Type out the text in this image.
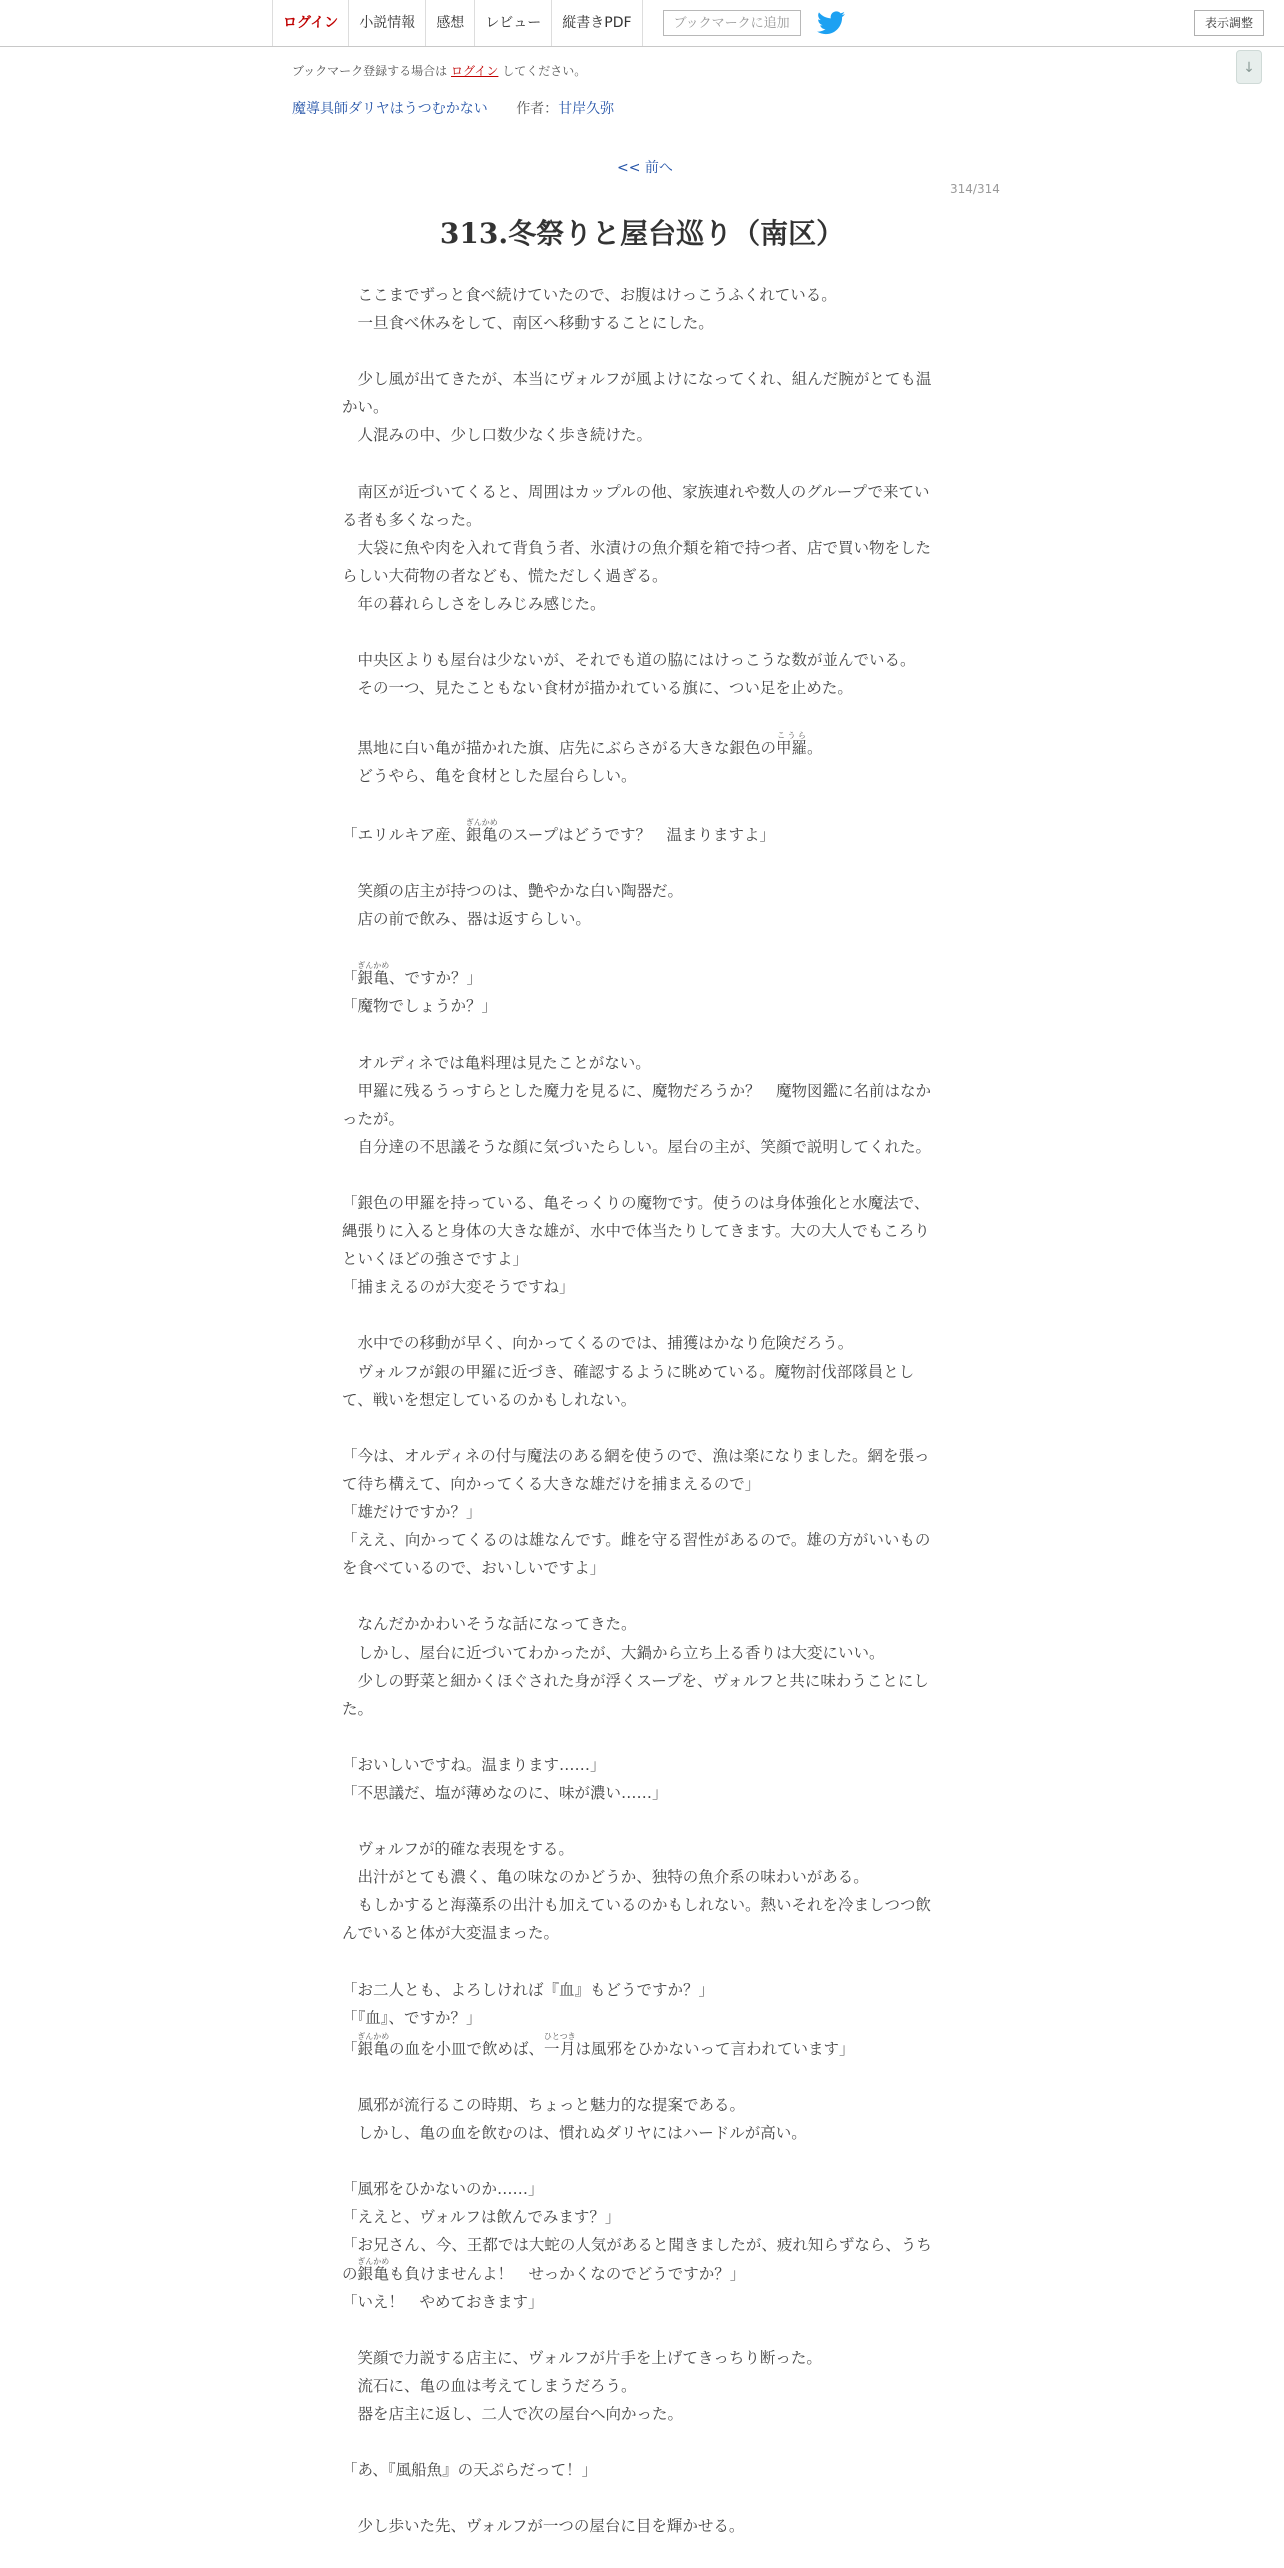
ログイン	小説情報	感想	レビュー	縦書きPDF	ブックマークに追加	表示調整
↓
ブックマーク登録する場合は ログイン してください。
魔導具師ダリヤはうつむかない 作者：甘岸久弥
<< 前へ
314/314
313.冬祭りと屋台巡り（南区）

　ここまでずっと食べ続けていたので、お腹はけっこうふくれている。

　一旦食べ休みをして、南区へ移動することにした。

　少し風が出てきたが、本当にヴォルフが風よけになってくれ、組んだ腕がとても温かい。

　人混みの中、少し口数少なく歩き続けた。

　南区が近づいてくると、周囲はカップルの他、家族連れや数人のグループで来ている者も多くなった。

　大袋に魚や肉を入れて背負う者、氷漬けの魚介類を箱で持つ者、店で買い物をしたらしい大荷物の者なども、慌ただしく過ぎる。

　年の暮れらしさをしみじみ感じた。

　中央区よりも屋台は少ないが、それでも道の脇にはけっこうな数が並んでいる。

　その一つ、見たこともない食材が描かれている旗に、つい足を止めた。

　黒地に白い亀が描かれた旗、店先にぶらさがる大きな銀色の甲羅こうら。

　どうやら、亀を食材とした屋台らしい。

「エリルキア産、銀亀ぎんかめのスープはどうです？　温まりますよ」

　笑顔の店主が持つのは、艶やかな白い陶器だ。

　店の前で飲み、器は返すらしい。

「銀亀ぎんかめ、ですか？」

「魔物でしょうか？」

　オルディネでは亀料理は見たことがない。

　甲羅に残るうっすらとした魔力を見るに、魔物だろうか？　魔物図鑑に名前はなかったが。

　自分達の不思議そうな顔に気づいたらしい。屋台の主が、笑顔で説明してくれた。

「銀色の甲羅を持っている、亀そっくりの魔物です。使うのは身体強化と水魔法で、縄張りに入ると身体の大きな雄が、水中で体当たりしてきます。大の大人でもころりといくほどの強さですよ」

「捕まえるのが大変そうですね」

　水中での移動が早く、向かってくるのでは、捕獲はかなり危険だろう。

　ヴォルフが銀の甲羅に近づき、確認するように眺めている。魔物討伐部隊員として、戦いを想定しているのかもしれない。

「今は、オルディネの付与魔法のある網を使うので、漁は楽になりました。網を張って待ち構えて、向かってくる大きな雄だけを捕まえるので」

「雄だけですか？」

「ええ、向かってくるのは雄なんです。雌を守る習性があるので。雄の方がいいものを食べているので、おいしいですよ」

　なんだかかわいそうな話になってきた。

　しかし、屋台に近づいてわかったが、大鍋から立ち上る香りは大変にいい。

　少しの野菜と細かくほぐされた身が浮くスープを、ヴォルフと共に味わうことにした。

「おいしいですね。温まります……」

「不思議だ、塩が薄めなのに、味が濃い……」

　ヴォルフが的確な表現をする。

　出汁がとても濃く、亀の味なのかどうか、独特の魚介系の味わいがある。

　もしかすると海藻系の出汁も加えているのかもしれない。熱いそれを冷ましつつ飲んでいると体が大変温まった。

「お二人とも、よろしければ『血』もどうですか？」

「『血』、ですか？」

「銀亀ぎんかめの血を小皿で飲めば、一月ひとつきは風邪をひかないって言われています」

　風邪が流行るこの時期、ちょっと魅力的な提案である。

　しかし、亀の血を飲むのは、慣れぬダリヤにはハードルが高い。

「風邪をひかないのか……」

「ええと、ヴォルフは飲んでみます？」

「お兄さん、今、王都では大蛇の人気があると聞きましたが、疲れ知らずなら、うちの銀亀ぎんかめも負けませんよ！　せっかくなのでどうですか？」

「いえ！　やめておきます」

　笑顔で力説する店主に、ヴォルフが片手を上げてきっちり断った。

　流石に、亀の血は考えてしまうだろう。

　器を店主に返し、二人で次の屋台へ向かった。

「あ、『風船魚』の天ぷらだって！」

　少し歩いた先、ヴォルフが一つの屋台に目を輝かせる。
